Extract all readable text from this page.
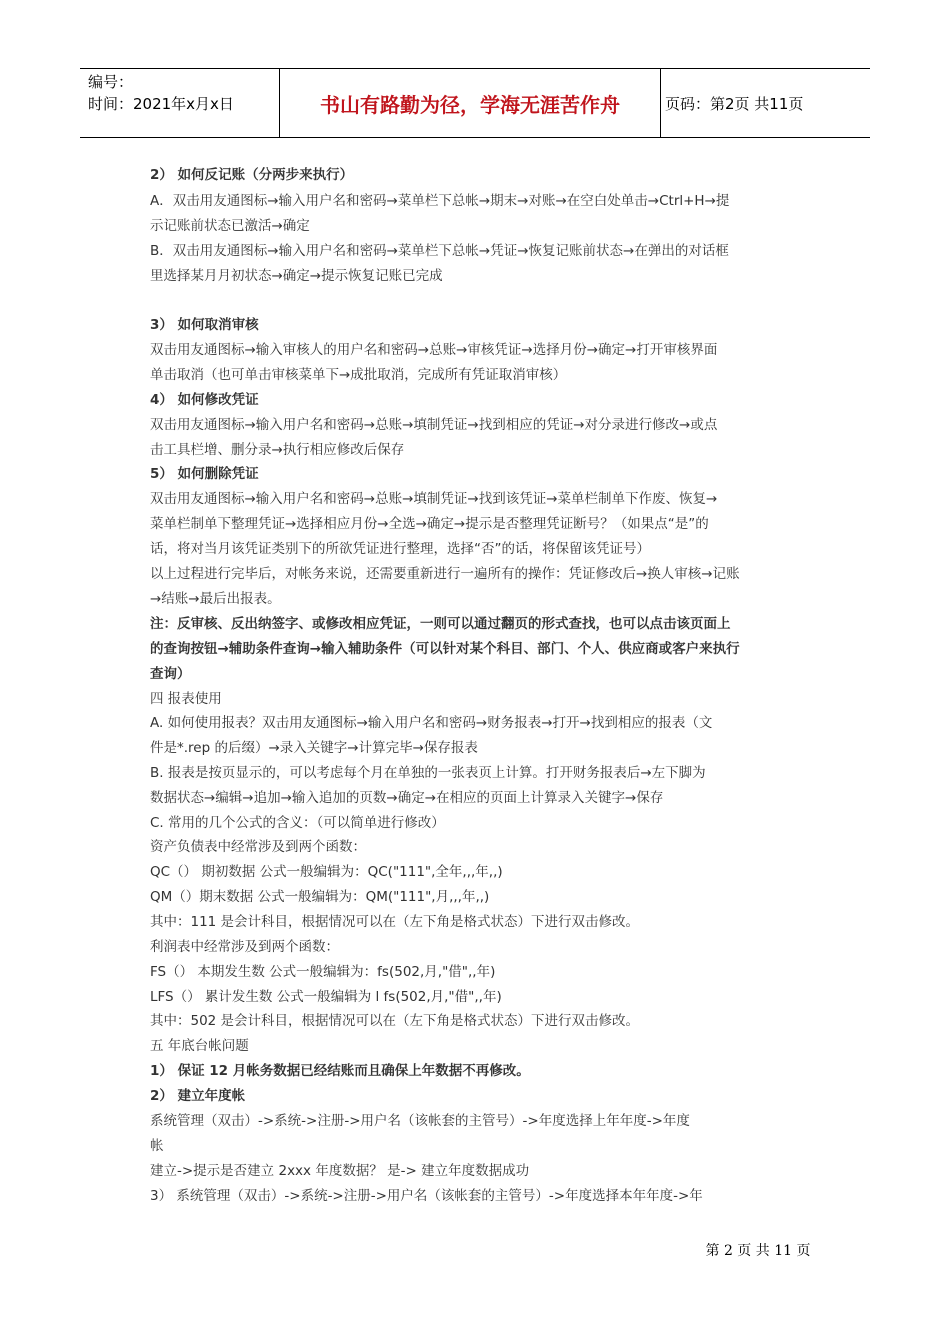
编号：
时间：2021年x月x日	书山有路勤为径，学海无涯苦作舟	页码：第2页 共11页
2） 如何反记账（分两步来执行）
A．双击用友通图标→输入用户名和密码→菜单栏下总帐→期末→对账→在空白处单击→Ctrl+H→提
示记账前状态已激活→确定
B．双击用友通图标→输入用户名和密码→菜单栏下总帐→凭证→恢复记账前状态→在弹出的对话框
里选择某月月初状态→确定→提示恢复记账已完成
3） 如何取消审核
双击用友通图标→输入审核人的用户名和密码→总账→审核凭证→选择月份→确定→打开审核界面
单击取消（也可单击审核菜单下→成批取消，完成所有凭证取消审核）
4） 如何修改凭证
双击用友通图标→输入用户名和密码→总账→填制凭证→找到相应的凭证→对分录进行修改→或点
击工具栏增、删分录→执行相应修改后保存
5） 如何删除凭证
双击用友通图标→输入用户名和密码→总账→填制凭证→找到该凭证→菜单栏制单下作废、恢复→
菜单栏制单下整理凭证→选择相应月份→全选→确定→提示是否整理凭证断号？（如果点“是”的
话，将对当月该凭证类别下的所欲凭证进行整理，选择“否”的话，将保留该凭证号）
以上过程进行完毕后，对帐务来说，还需要重新进行一遍所有的操作：凭证修改后→换人审核→记账
→结账→最后出报表。
注：反审核、反出纳签字、或修改相应凭证，一则可以通过翻页的形式查找，也可以点击该页面上
的查询按钮→辅助条件查询→输入辅助条件（可以针对某个科目、部门、个人、供应商或客户来执行
查询）
四 报表使用
A. 如何使用报表？双击用友通图标→输入用户名和密码→财务报表→打开→找到相应的报表（文
件是*.rep 的后缀）→录入关键字→计算完毕→保存报表
B. 报表是按页显示的，可以考虑每个月在单独的一张表页上计算。打开财务报表后→左下脚为
数据状态→编辑→追加→输入追加的页数→确定→在相应的页面上计算录入关键字→保存
C. 常用的几个公式的含义：（可以简单进行修改）
资产负债表中经常涉及到两个函数：
QC（） 期初数据 公式一般编辑为：QC("111",全年,,,年,,)
QM（）期末数据 公式一般编辑为：QM("111",月,,,年,,)
其中：111 是会计科目，根据情况可以在（左下角是格式状态）下进行双击修改。
利润表中经常涉及到两个函数：
FS（） 本期发生数 公式一般编辑为：fs(502,月,"借",,年)
LFS（） 累计发生数 公式一般编辑为 l fs(502,月,"借",,年)
其中：502 是会计科目，根据情况可以在（左下角是格式状态）下进行双击修改。
五 年底台帐问题
1） 保证 12 月帐务数据已经结账而且确保上年数据不再修改。
2） 建立年度帐
系统管理（双击）->系统->注册->用户名（该帐套的主管号）->年度选择上年年度->年度
帐
建立->提示是否建立 2xxx 年度数据？ 是-> 建立年度数据成功
3） 系统管理（双击）->系统->注册->用户名（该帐套的主管号）->年度选择本年年度->年
第 2 页 共 11 页
